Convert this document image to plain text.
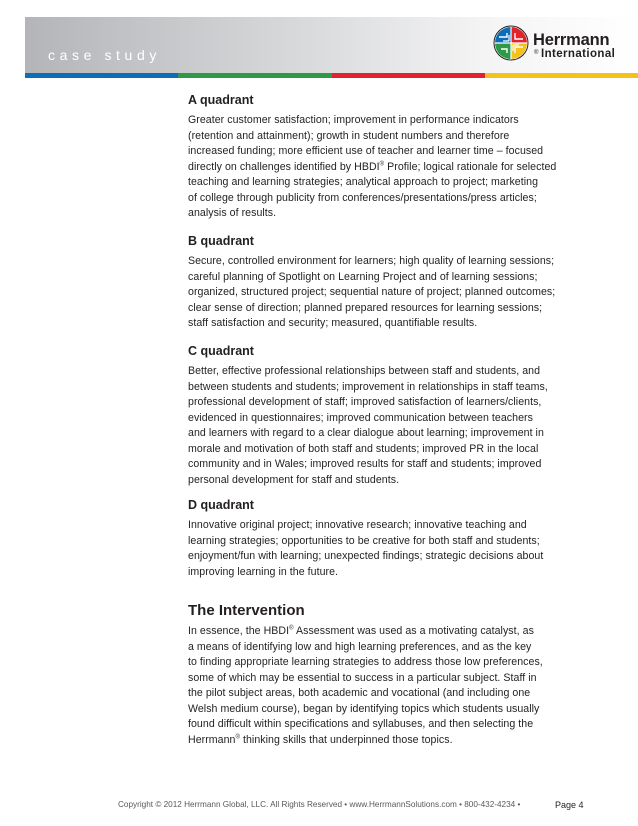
case study
Herrmann
® International
A quadrant

Greater customer satisfaction; improvement in performance indicators
(retention and attainment); growth in student numbers and therefore
increased funding; more efficient use of teacher and learner time – focused
directly on challenges identified by HBDI® Profile; logical rationale for selected
teaching and learning strategies; analytical approach to project; marketing
of college through publicity from conferences/presentations/press articles;
analysis of results.

B quadrant

Secure, controlled environment for learners; high quality of learning sessions;
careful planning of Spotlight on Learning Project and of learning sessions;
organized, structured project; sequential nature of project; planned outcomes;
clear sense of direction; planned prepared resources for learning sessions;
staff satisfaction and security; measured, quantifiable results.

C quadrant

Better, effective professional relationships between staff and students, and
between students and students; improvement in relationships in staff teams,
professional development of staff; improved satisfaction of learners/clients,
evidenced in questionnaires; improved communication between teachers
and learners with regard to a clear dialogue about learning; improvement in
morale and motivation of both staff and students; improved PR in the local
community and in Wales; improved results for staff and students; improved
personal development for staff and students.

D quadrant

Innovative original project; innovative research; innovative teaching and
learning strategies; opportunities to be creative for both staff and students;
enjoyment/fun with learning; unexpected findings; strategic decisions about
improving learning in the future.

The Intervention

In essence, the HBDI® Assessment was used as a motivating catalyst, as
a means of identifying low and high learning preferences, and as the key
to finding appropriate learning strategies to address those low preferences,
some of which may be essential to success in a particular subject. Staff in
the pilot subject areas, both academic and vocational (and including one
Welsh medium course), began by identifying topics which students usually
found difficult within specifications and syllabuses, and then selecting the
Herrmann® thinking skills that underpinned those topics.

Copyright © 2012 Herrmann Global, LLC. All Rights Reserved • www.HerrmannSolutions.com • 800-432-4234 •	Page 4
